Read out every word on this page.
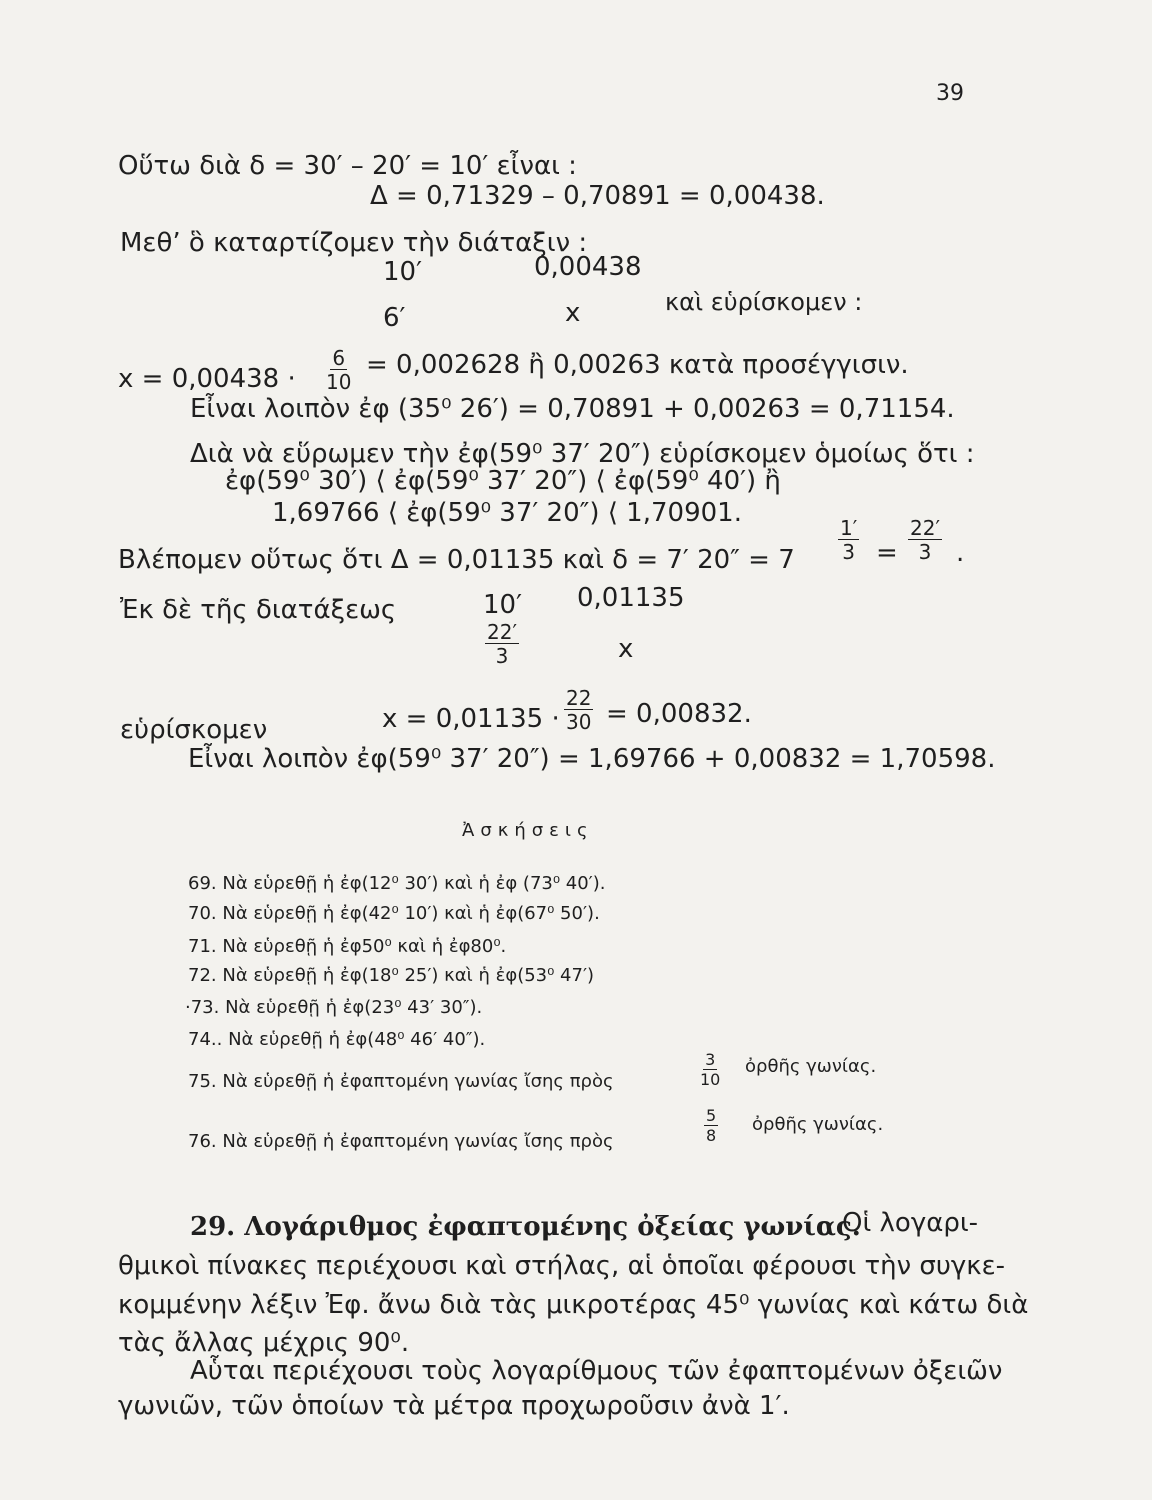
39
Οὕτω διὰ δ = 30′ – 20′ = 10′ εἶναι :
Δ = 0,71329 – 0,70891 = 0,00438.
Μεθ’ ὃ καταρτίζομεν τὴν διάταξιν :
10′	0,00438
6′	x	καὶ εὑρίσκομεν :
$x = 0,00438 \cdot \frac{6}{10} = 0,002628$ ἢ 0,00263 κατὰ προσέγγισιν.
Εἶναι λοιπὸν ἐφ (35⁰ 26′) = 0,70891 + 0,00263 = 0,71154.
Διὰ νὰ εὕρωμεν τὴν ἐφ(59⁰ 37′ 20″) εὑρίσκομεν ὁμοίως ὅτι :
ἐφ(59⁰ 30′) ⟨ ἐφ(59⁰ 37′ 20″) ⟨ ἐφ(59⁰ 40′) ἢ
1,69766 ⟨ ἐφ(59⁰ 37′ 20″) ⟨ 1,70901.
Βλέπομεν οὕτως ὅτι Δ = 0,01135 καὶ δ = 7′ $20'' = 7 \frac{1'}{3} = \frac{22'}{3}$ .
Ἐκ δὲ τῆς διατάξεως	10′ 0,01135
$\frac{22'}{3}$	x
εὑρίσκομεν	$x = 0,01135 \cdot \frac{22}{30} = 0,00832$.
Εἶναι λοιπὸν ἐφ(59⁰ 37′ 20″) = 1,69766 + 0,00832 = 1,70598.
Ἀσκήσεις
69. Νὰ εὑρεθῇ ἡ ἐφ(12⁰ 30′) καὶ ἡ ἐφ (73⁰ 40′).
70. Νὰ εὑρεθῇ ἡ ἐφ(42⁰ 10′) καὶ ἡ ἐφ(67⁰ 50′).
71. Νὰ εὑρεθῇ ἡ ἐφ50⁰ καὶ ἡ ἐφ80⁰.
72. Νὰ εὑρεθῇ ἡ ἐφ(18⁰ 25′) καὶ ἡ ἐφ(53⁰ 47′)
·73. Νὰ εὑρεθῇ ἡ ἐφ(23⁰ 43′ 30″).
74.. Νὰ εὑρεθῇ ἡ ἐφ(48⁰ 46′ 40″).
75. Νὰ εὑρεθῇ ἡ ἐφαπτομένη γωνίας ἴσης πρὸς	$\frac{3}{10}$ ὀρθῆς γωνίας.
76. Νὰ εὑρεθῇ ἡ ἐφαπτομένη γωνίας ἴσης πρὸς	$\frac{5}{8}$ ὀρθῆς γωνίας.
29. Λογάριθμος ἐφαπτομένης ὀξείας γωνίας.
Οἱ λογαρι-
θμικοὶ πίνακες περιέχουσι καὶ στήλας, αἱ ὁποῖαι φέρουσι τὴν συγκε-
κομμένην λέξιν Ἐφ. ἄνω διὰ τὰς μικροτέρας 45⁰ γωνίας καὶ κάτω διὰ
τὰς ἄλλας μέχρις 90⁰.
Αὗται περιέχουσι τοὺς λογαρίθμους τῶν ἐφαπτομένων ὀξειῶν
γωνιῶν, τῶν ὁποίων τὰ μέτρα προχωροῦσιν ἀνὰ 1′.
